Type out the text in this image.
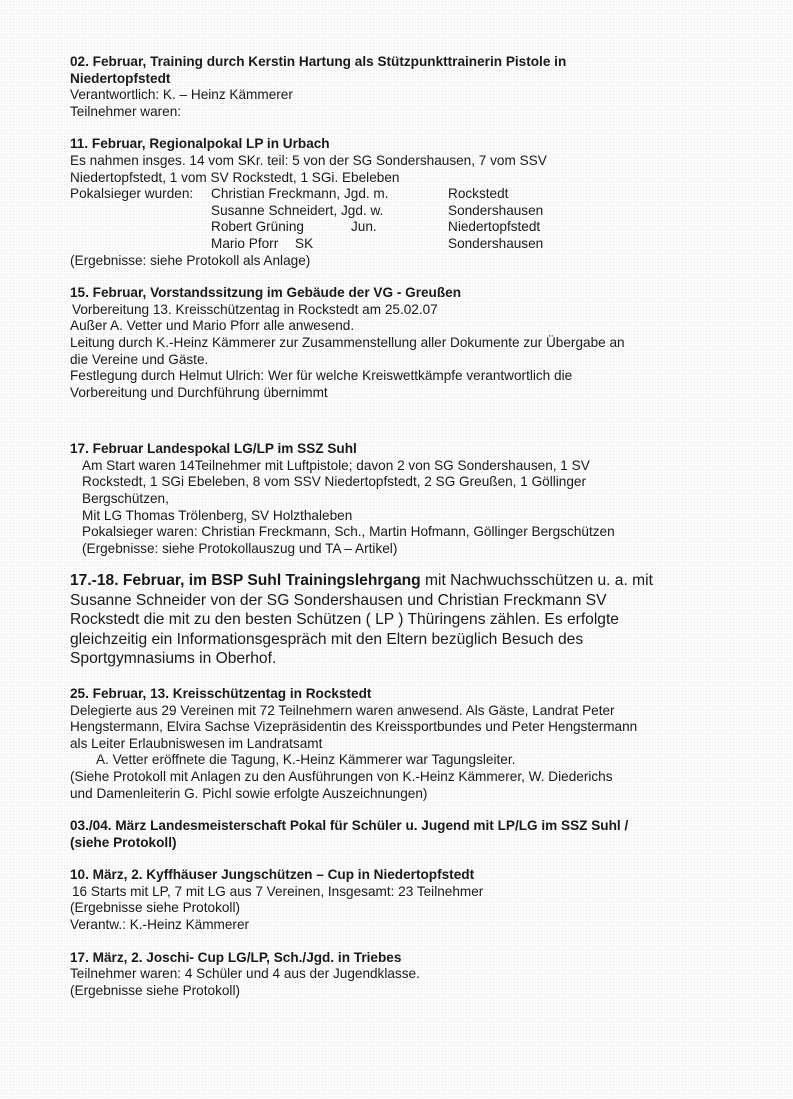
02. Februar, Training durch Kerstin Hartung als Stützpunkttrainerin Pistole in

Niedertopfstedt

Verantwortlich: K. – Heinz Kämmerer

Teilnehmer waren:

11. Februar, Regionalpokal LP in Urbach

Es nahmen insges. 14 vom SKr. teil: 5 von der SG Sondershausen, 7 vom SSV

Niedertopfstedt, 1 vom SV Rockstedt, 1 SGi. Ebeleben

Pokalsieger wurden:	Christian Freckmann, Jgd. m.	Rockstedt
Susanne Schneidert, Jgd. w.	Sondershausen
Robert Grüning	Jun.	Niedertopfstedt
Mario Pforr SK	Sondershausen

(Ergebnisse: siehe Protokoll als Anlage)

15. Februar, Vorstandssitzung im Gebäude der VG - Greußen

Vorbereitung 13. Kreisschützentag in Rockstedt am 25.02.07

Außer A. Vetter und Mario Pforr alle anwesend.

Leitung durch K.-Heinz Kämmerer zur Zusammenstellung aller Dokumente zur Übergabe an

die Vereine und Gäste.

Festlegung durch Helmut Ulrich: Wer für welche Kreiswettkämpfe verantwortlich die

Vorbereitung und Durchführung übernimmt

17. Februar Landespokal LG/LP im SSZ Suhl

Am Start waren 14Teilnehmer mit Luftpistole; davon 2 von SG Sondershausen, 1 SV

Rockstedt, 1 SGi Ebeleben, 8 vom SSV Niedertopfstedt, 2 SG Greußen, 1 Göllinger

Bergschützen,

Mit LG Thomas Trölenberg, SV Holzthaleben

Pokalsieger waren: Christian Freckmann, Sch., Martin Hofmann, Göllinger Bergschützen

(Ergebnisse: siehe Protokollauszug und TA – Artikel)

17.-18. Februar, im BSP Suhl Trainingslehrgang mit Nachwuchsschützen u. a. mit

Susanne Schneider von der SG Sondershausen und Christian Freckmann SV

Rockstedt die mit zu den besten Schützen ( LP ) Thüringens zählen. Es erfolgte

gleichzeitig ein Informationsgespräch mit den Eltern bezüglich Besuch des

Sportgymnasiums in Oberhof.

25. Februar, 13. Kreisschützentag in Rockstedt

Delegierte aus 29 Vereinen mit 72 Teilnehmern waren anwesend. Als Gäste, Landrat Peter

Hengstermann, Elvira Sachse Vizepräsidentin des Kreissportbundes und Peter Hengstermann

als Leiter Erlaubniswesen im Landratsamt

A. Vetter eröffnete die Tagung, K.-Heinz Kämmerer war Tagungsleiter.

(Siehe Protokoll mit Anlagen zu den Ausführungen von K.-Heinz Kämmerer, W. Diederichs

und Damenleiterin G. Pichl sowie erfolgte Auszeichnungen)

03./04. März Landesmeisterschaft Pokal für Schüler u. Jugend mit LP/LG im SSZ Suhl /

(siehe Protokoll)

10. März, 2. Kyffhäuser Jungschützen – Cup in Niedertopfstedt

16 Starts mit LP, 7 mit LG aus 7 Vereinen, Insgesamt: 23 Teilnehmer

(Ergebnisse siehe Protokoll)

Verantw.: K.-Heinz Kämmerer

17. März, 2. Joschi- Cup LG/LP, Sch./Jgd. in Triebes

Teilnehmer waren: 4 Schüler und 4 aus der Jugendklasse.

(Ergebnisse siehe Protokoll)
